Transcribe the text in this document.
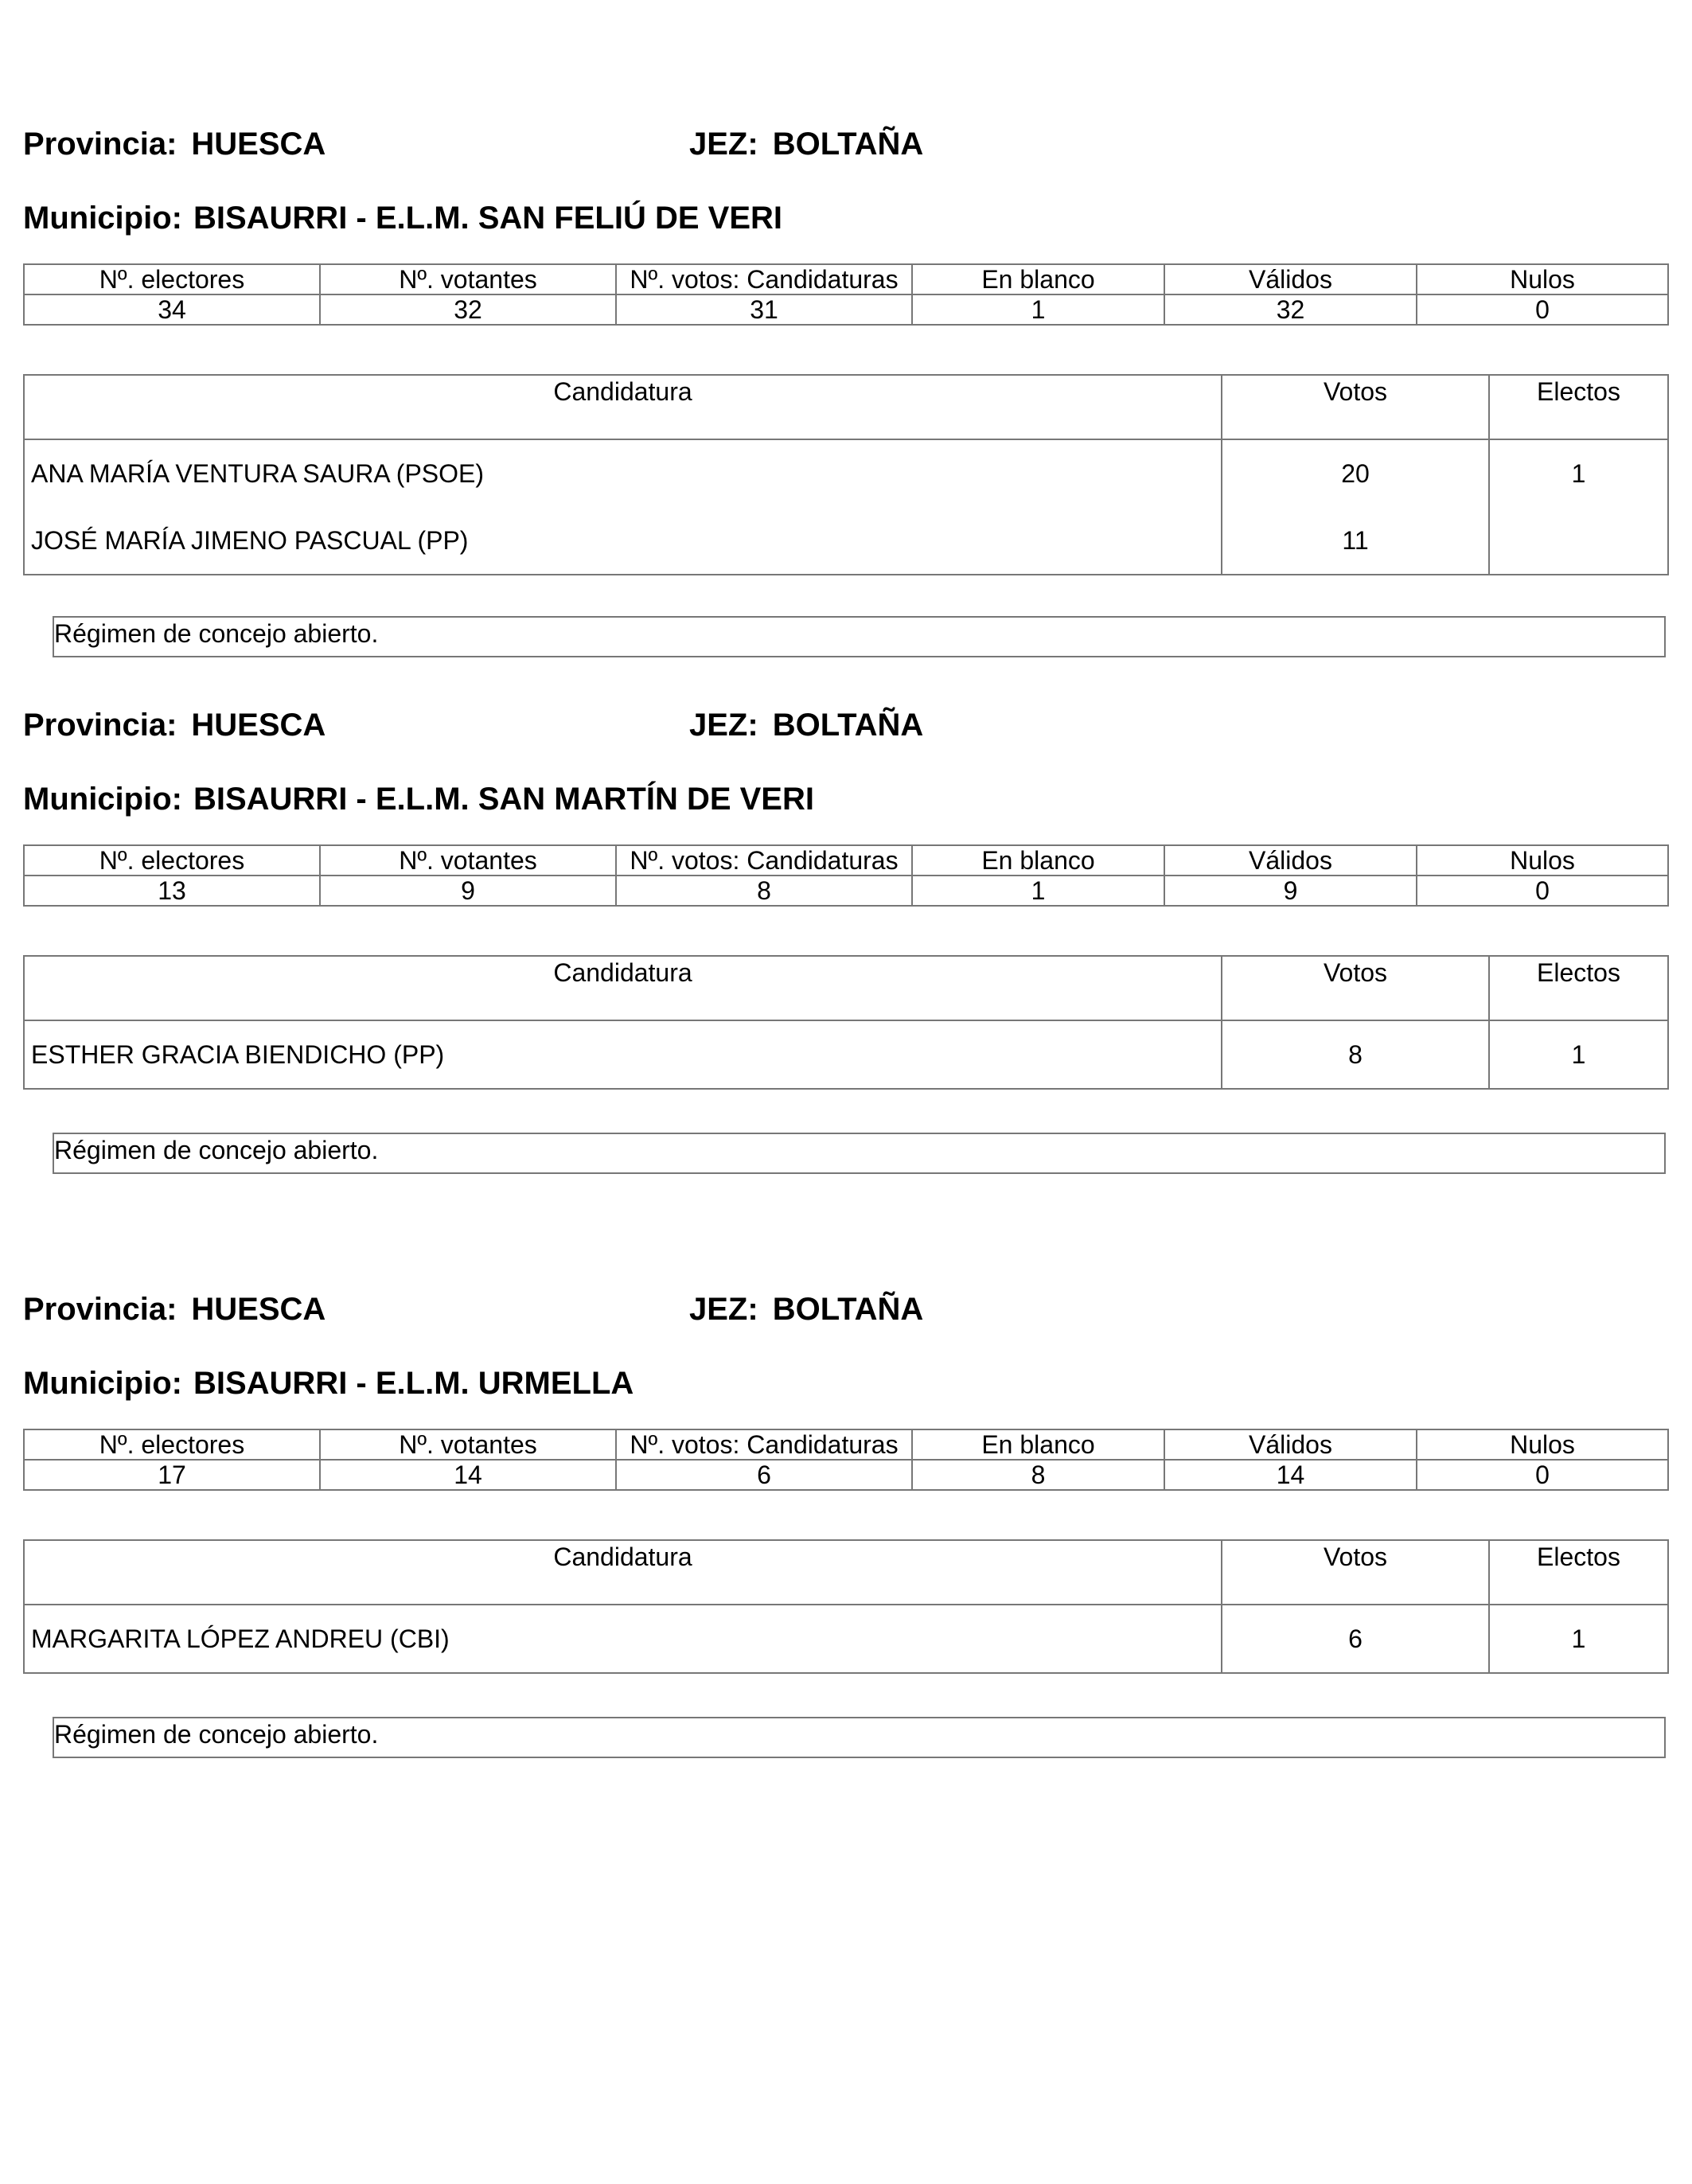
Provincia: HUESCA	JEZ: BOLTAÑA
Municipio: BISAURRI - E.L.M. SAN FELIÚ DE VERI
Nº. electores	Nº. votantes	Nº. votos: Candidaturas	En blanco	Válidos	Nulos
34	32	31	1	32	0
Candidatura	Votos	Electos
ANA MARÍA VENTURA SAURA (PSOE)	20	1
JOSÉ MARÍA JIMENO PASCUAL (PP)	11	
Régimen de concejo abierto.
Provincia: HUESCA	JEZ: BOLTAÑA
Municipio: BISAURRI - E.L.M. SAN MARTÍN DE VERI
Nº. electores	Nº. votantes	Nº. votos: Candidaturas	En blanco	Válidos	Nulos
13	9	8	1	9	0
Candidatura	Votos	Electos
ESTHER GRACIA BIENDICHO (PP)	8	1
Régimen de concejo abierto.
Provincia: HUESCA	JEZ: BOLTAÑA
Municipio: BISAURRI - E.L.M. URMELLA
Nº. electores	Nº. votantes	Nº. votos: Candidaturas	En blanco	Válidos	Nulos
17	14	6	8	14	0
Candidatura	Votos	Electos
MARGARITA LÓPEZ ANDREU (CBI)	6	1
Régimen de concejo abierto.
